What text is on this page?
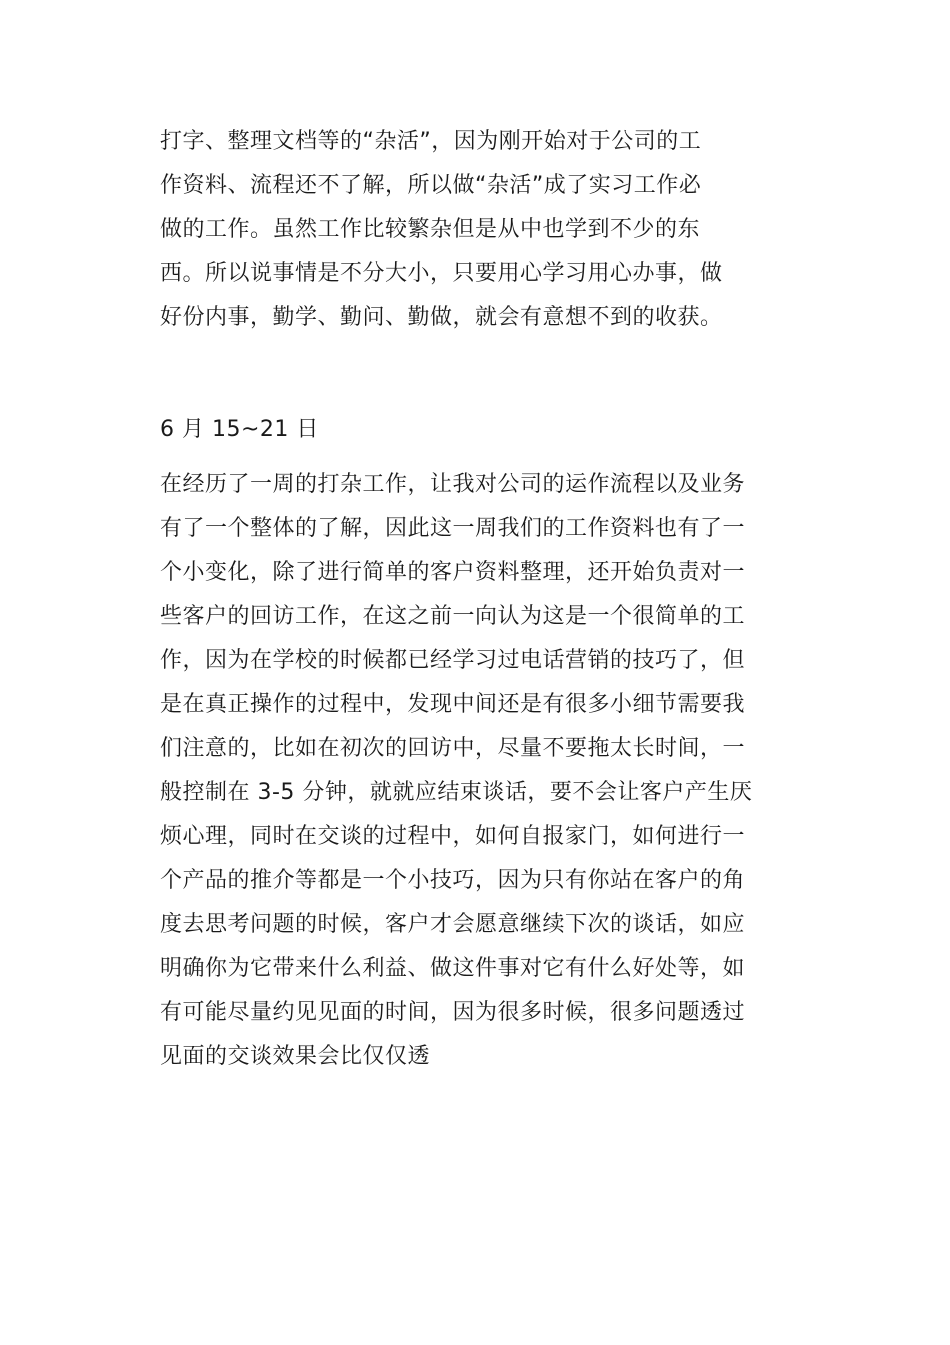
打字、整理文档等的“杂活”，因为刚开始对于公司的工
作资料、流程还不了解，所以做“杂活”成了实习工作必
做的工作。虽然工作比较繁杂但是从中也学到不少的东
西。所以说事情是不分大小，只要用心学习用心办事，做
好份内事，勤学、勤问、勤做，就会有意想不到的收获。
6 月 15~21 日
在经历了一周的打杂工作，让我对公司的运作流程以及业务
有了一个整体的了解，因此这一周我们的工作资料也有了一
个小变化，除了进行简单的客户资料整理，还开始负责对一
些客户的回访工作，在这之前一向认为这是一个很简单的工
作，因为在学校的时候都已经学习过电话营销的技巧了，但
是在真正操作的过程中，发现中间还是有很多小细节需要我
们注意的，比如在初次的回访中，尽量不要拖太长时间，一
般控制在 3-5 分钟，就就应结束谈话，要不会让客户产生厌
烦心理，同时在交谈的过程中，如何自报家门，如何进行一
个产品的推介等都是一个小技巧，因为只有你站在客户的角
度去思考问题的时候，客户才会愿意继续下次的谈话，如应
明确你为它带来什么利益、做这件事对它有什么好处等，如
有可能尽量约见见面的时间，因为很多时候，很多问题透过
见面的交谈效果会比仅仅透
